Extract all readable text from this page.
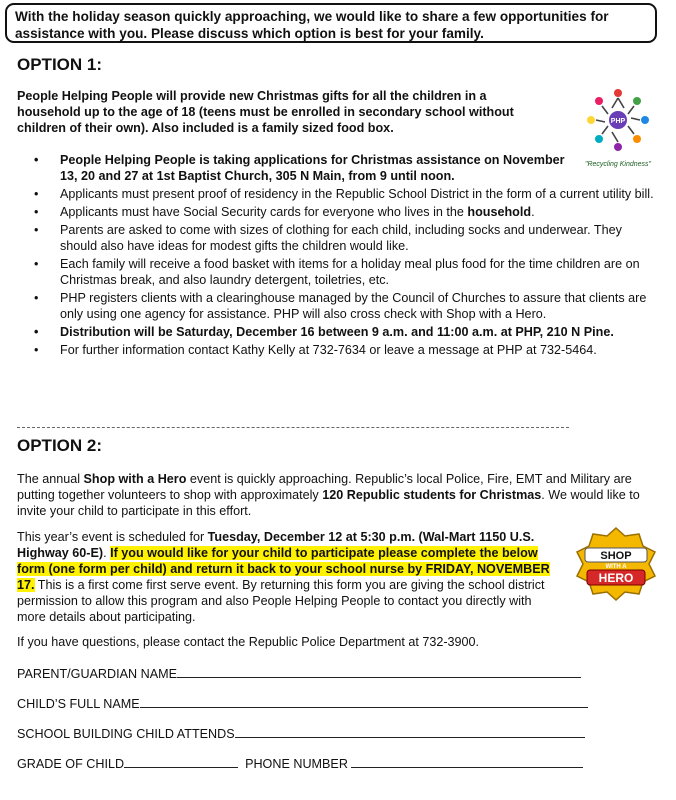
With the holiday season quickly approaching, we would like to share a few opportunities for assistance with you. Please discuss which option is best for your family.
OPTION 1:

People Helping People will provide new Christmas gifts for all the children in a household up to the age of 18 (teens must be enrolled in secondary school without children of their own). Also included is a family sized food box.	PHP
"Recycling Kindness"
• People Helping People is taking applications for Christmas assistance on November 13, 20 and 27 at 1st Baptist Church, 305 N Main, from 9 until noon.
• Applicants must present proof of residency in the Republic School District in the form of a current utility bill.
• Applicants must have Social Security cards for everyone who lives in the household.
• Parents are asked to come with sizes of clothing for each child, including socks and underwear. They should also have ideas for modest gifts the children would like.
• Each family will receive a food basket with items for a holiday meal plus food for the time children are on Christmas break, and also laundry detergent, toiletries, etc.
• PHP registers clients with a clearinghouse managed by the Council of Churches to assure that clients are only using one agency for assistance. PHP will also cross check with Shop with a Hero.
• Distribution will be Saturday, December 16 between 9 a.m. and 11:00 a.m. at PHP, 210 N Pine.
• For further information contact Kathy Kelly at 732-7634 or leave a message at PHP at 732-5464.
OPTION 2:

The annual Shop with a Hero event is quickly approaching. Republic’s local Police, Fire, EMT and Military are putting together volunteers to shop with approximately 120 Republic students for Christmas. We would like to invite your child to participate in this effort.

This year’s event is scheduled for Tuesday, December 12 at 5:30 p.m. (Wal-Mart 1150 U.S. Highway 60-E). If you would like for your child to participate please complete the below form (one form per child) and return it back to your school nurse by FRIDAY, NOVEMBER 17. This is a first come first serve event. By returning this form you are giving the school district permission to allow this program and also People Helping People to contact you directly with more details about participating.

SHOP
WITH A
HERO

If you have questions, please contact the Republic Police Department at 732-3900.

PARENT/GUARDIAN NAME
CHILD’S FULL NAME
SCHOOL BUILDING CHILD ATTENDS
GRADE OF CHILD	PHONE NUMBER
